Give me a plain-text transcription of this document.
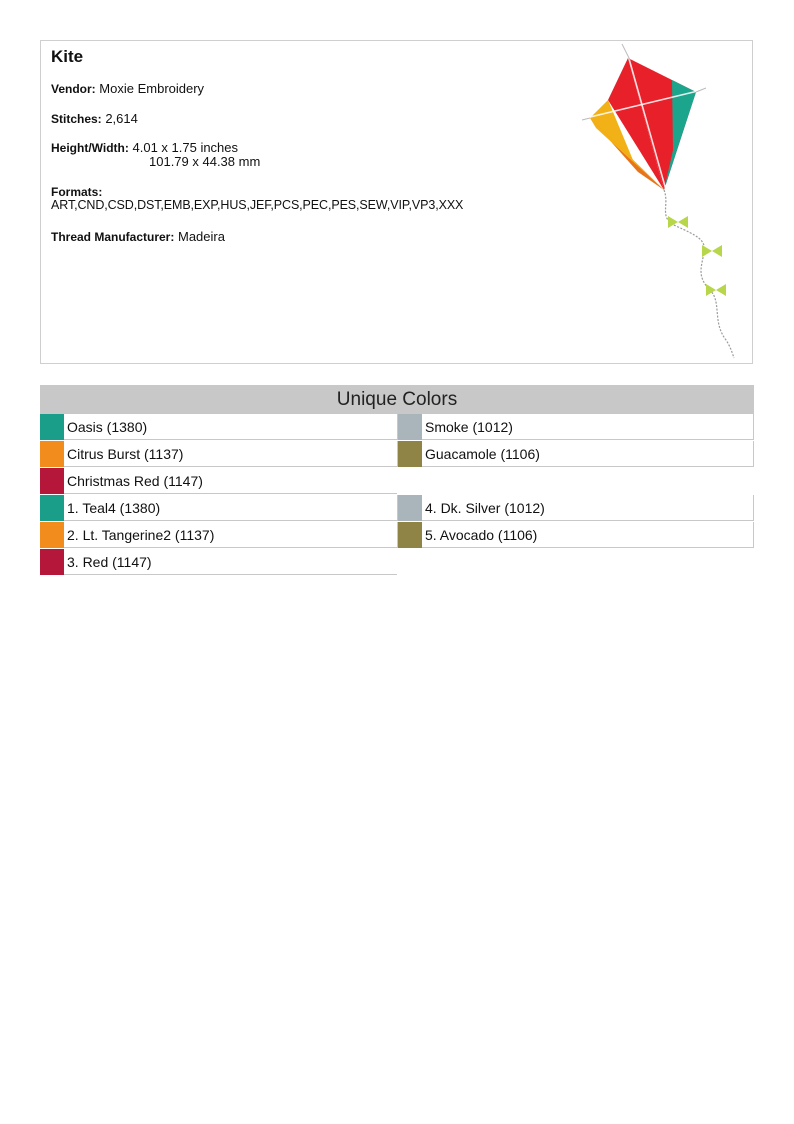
Kite
Vendor: Moxie Embroidery
Stitches: 2,614
Height/Width: 4.01 x 1.75 inches
101.79 x 44.38 mm
Formats:
ART,CND,CSD,DST,EMB,EXP,HUS,JEF,PCS,PEC,PES,SEW,VIP,VP3,XXX
Thread Manufacturer: Madeira
Unique Colors
Oasis (1380)	Smoke (1012)
Citrus Burst (1137)	Guacamole (1106)
Christmas Red (1147)
1. Teal4 (1380)	4. Dk. Silver (1012)
2. Lt. Tangerine2 (1137)	5. Avocado (1106)
3. Red (1147)
